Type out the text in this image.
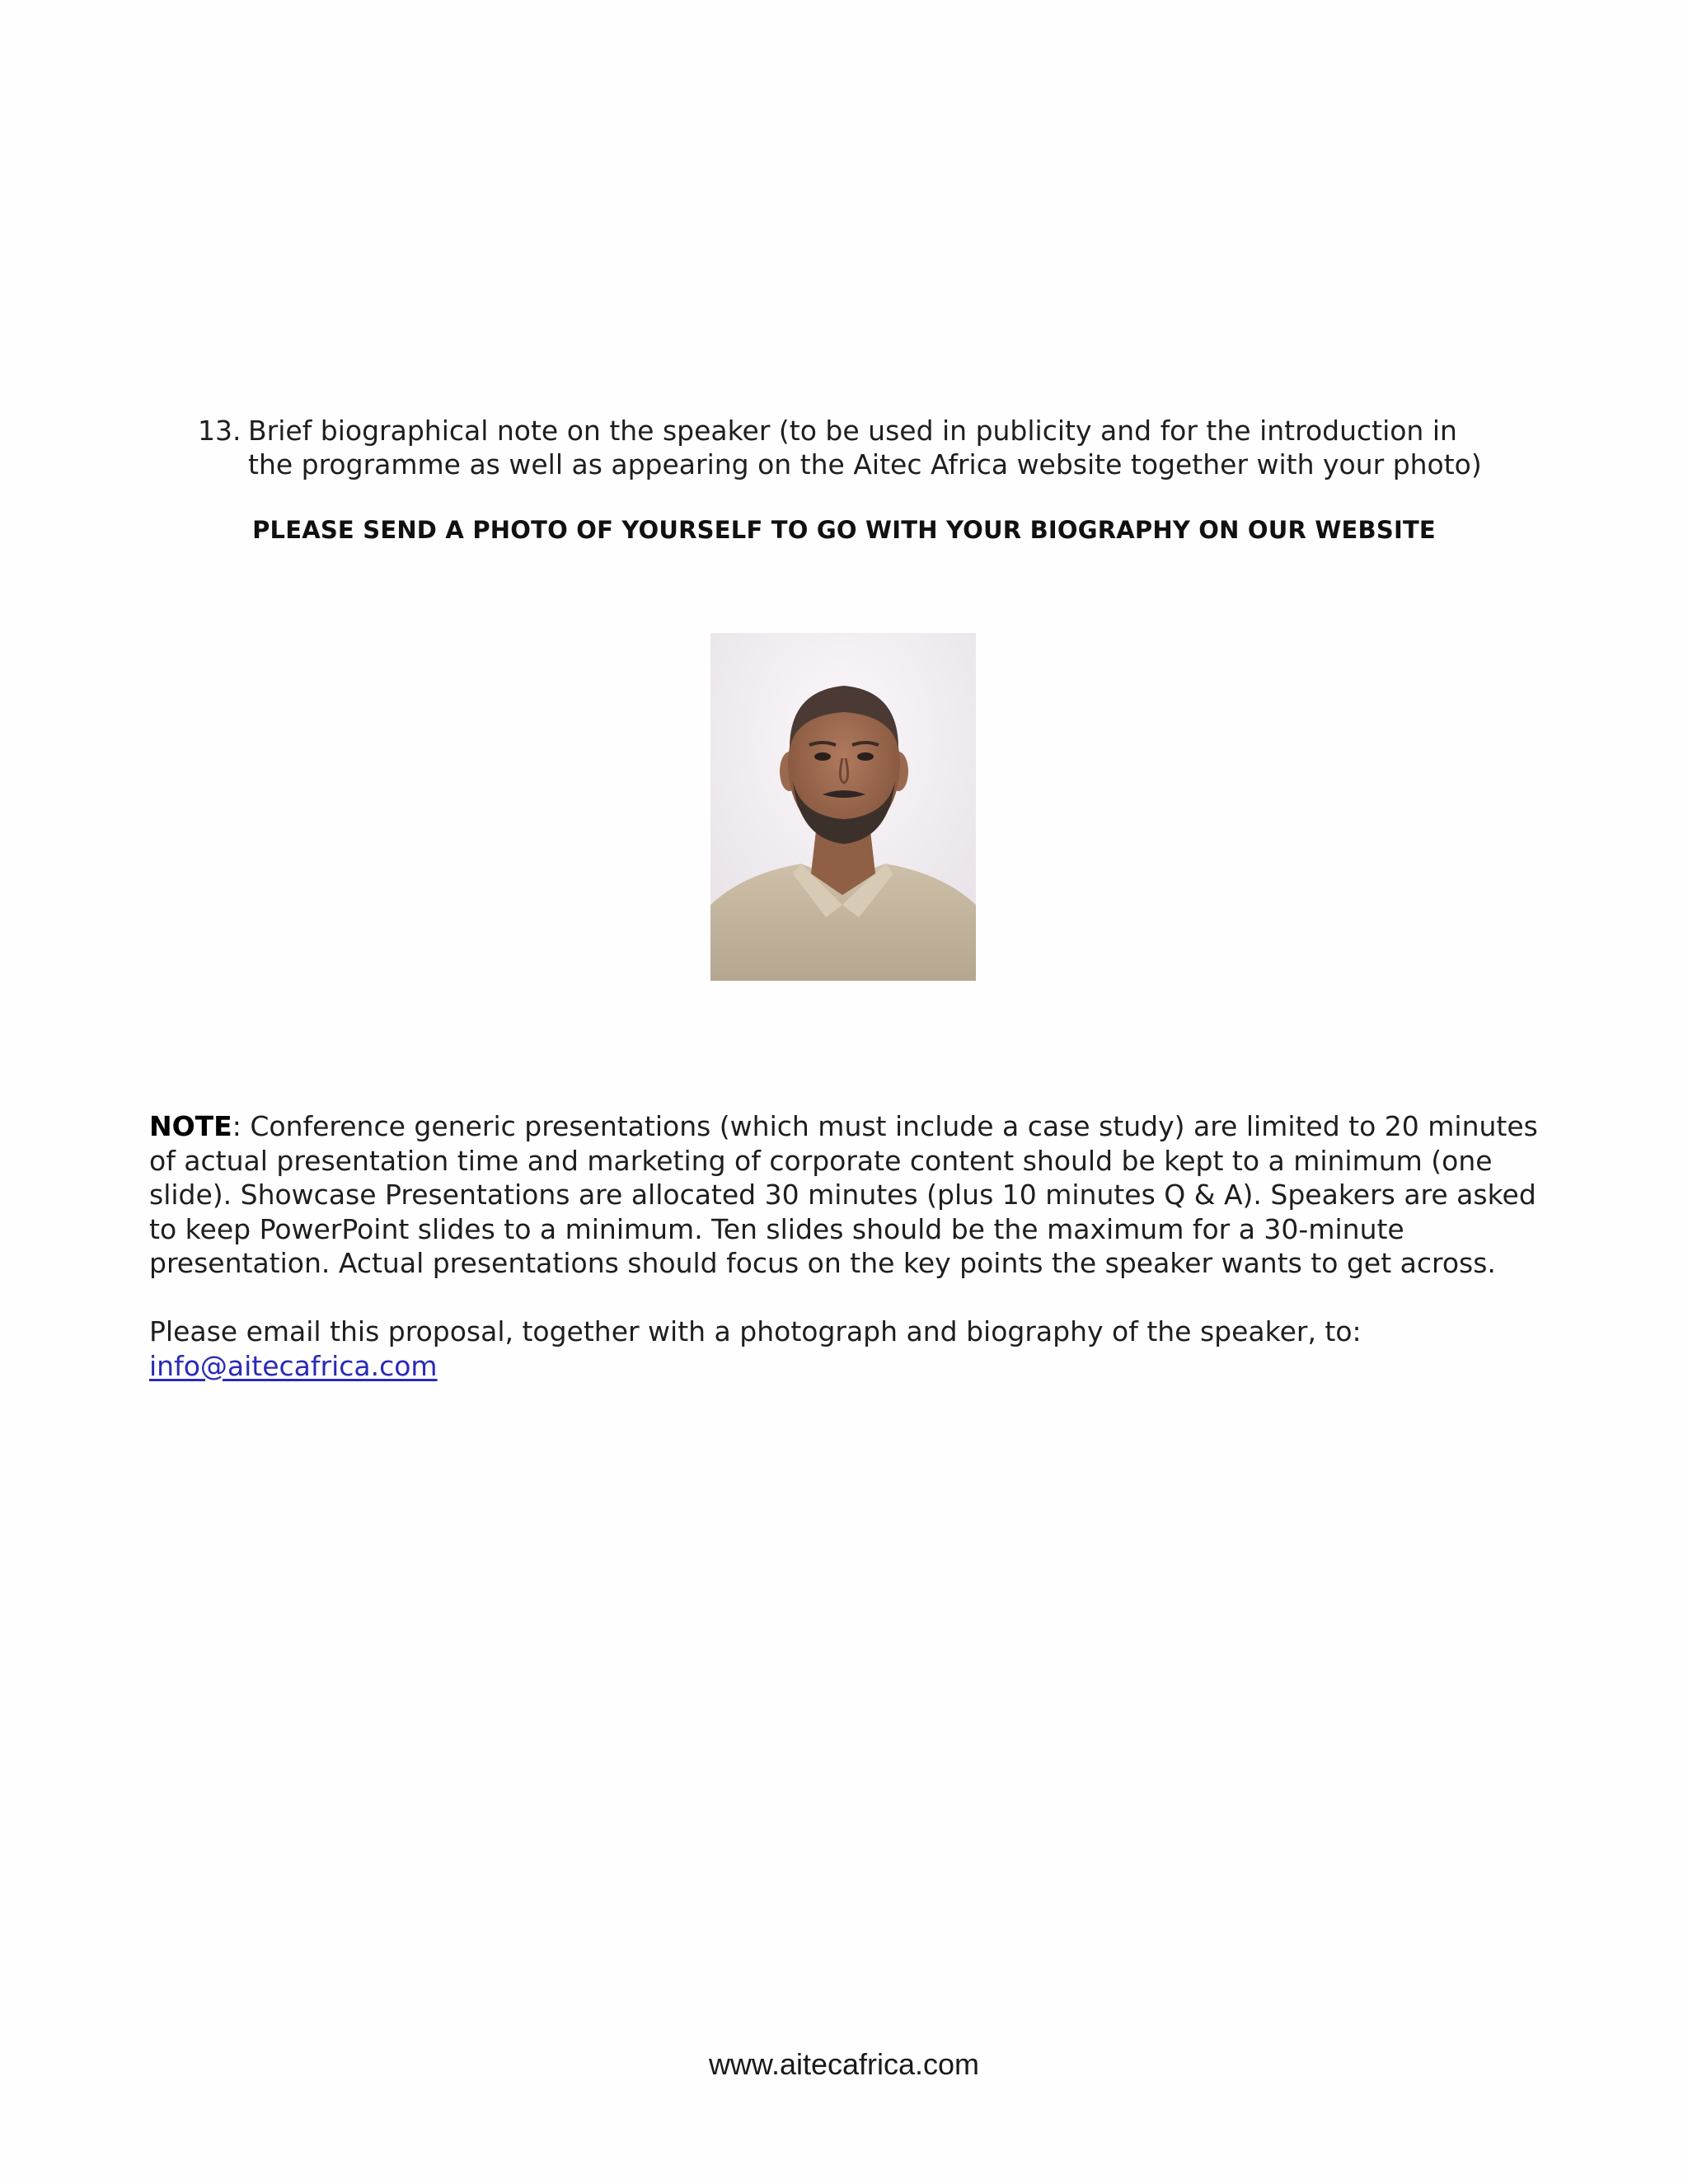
13. Brief biographical note on the speaker (to be used in publicity and for the introduction in the programme as well as appearing on the Aitec Africa website together with your photo)
PLEASE SEND A PHOTO OF YOURSELF TO GO WITH YOUR BIOGRAPHY ON OUR WEBSITE
NOTE: Conference generic presentations (which must include a case study) are limited to 20 minutes of actual presentation time and marketing of corporate content should be kept to a minimum (one slide). Showcase Presentations are allocated 30 minutes (plus 10 minutes Q & A). Speakers are asked to keep PowerPoint slides to a minimum. Ten slides should be the maximum for a 30-minute presentation. Actual presentations should focus on the key points the speaker wants to get across.
Please email this proposal, together with a photograph and biography of the speaker, to:
info@aitecafrica.com
www.aitecafrica.com
